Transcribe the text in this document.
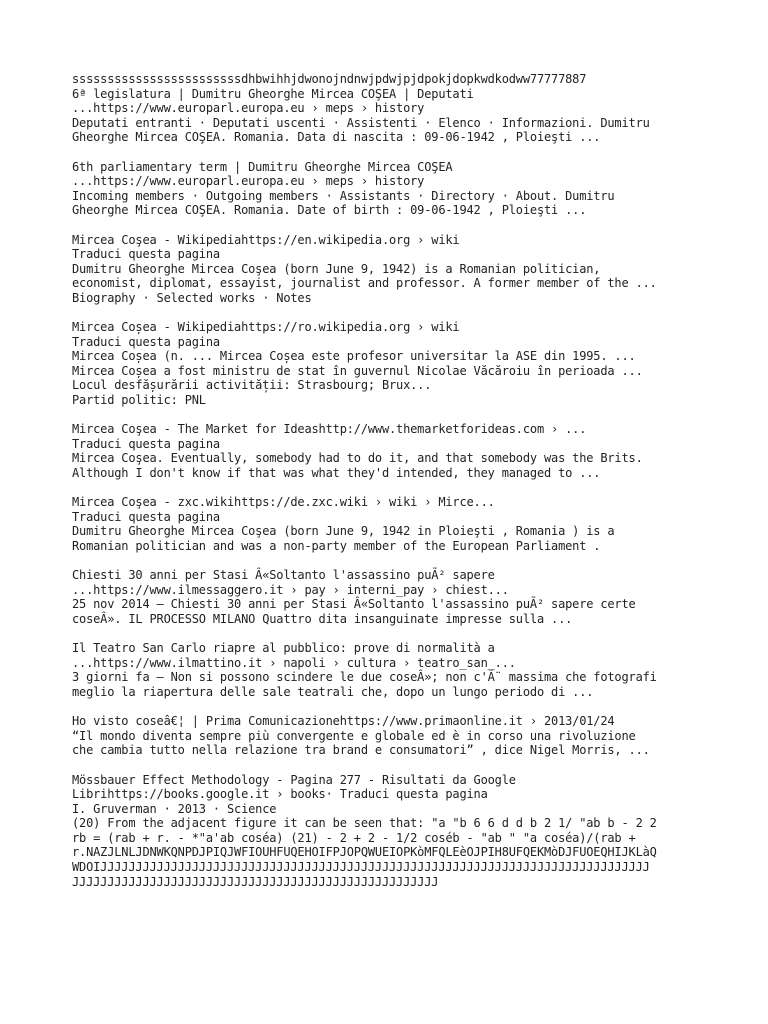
ssssssssssssssssssssssssdhbwihhjdwonojndnwjpdwjpjdpokjdopkwdkodww77777887
6ª legislatura | Dumitru Gheorghe Mircea COŞEA | Deputati
...https://www.europarl.europa.eu › meps › history
Deputati entranti · Deputati uscenti · Assistenti · Elenco · Informazioni. Dumitru
Gheorghe Mircea COŞEA. Romania. Data di nascita : 09-06-1942 , Ploieşti ...
6th parliamentary term | Dumitru Gheorghe Mircea COŞEA
...https://www.europarl.europa.eu › meps › history
Incoming members · Outgoing members · Assistants · Directory · About. Dumitru
Gheorghe Mircea COŞEA. Romania. Date of birth : 09-06-1942 , Ploieşti ...
Mircea Coşea - Wikipediahttps://en.wikipedia.org › wiki
Traduci questa pagina
Dumitru Gheorghe Mircea Coşea (born June 9, 1942) is a Romanian politician,
economist, diplomat, essayist, journalist and professor. A former member of the ...
Biography · Selected works · Notes
Mircea Coșea - Wikipediahttps://ro.wikipedia.org › wiki
Traduci questa pagina
Mircea Coșea (n. ... Mircea Coșea este profesor universitar la ASE din 1995. ...
Mircea Coșea a fost ministru de stat în guvernul Nicolae Văcăroiu în perioada ...
Locul desfășurării activității: Strasbourg; Brux...
Partid politic: PNL
Mircea Coşea - The Market for Ideashttp://www.themarketforideas.com › ...
Traduci questa pagina
Mircea Coşea. Eventually, somebody had to do it, and that somebody was the Brits.
Although I don't know if that was what they'd intended, they managed to ...
Mircea Coşea - zxc.wikihttps://de.zxc.wiki › wiki › Mirce...
Traduci questa pagina
Dumitru Gheorghe Mircea Coşea (born June 9, 1942 in Ploieşti , Romania ) is a
Romanian politician and was a non-party member of the European Parliament .
Chiesti 30 anni per Stasi Â«Soltanto l'assassino puÃ² sapere
...https://www.ilmessaggero.it › pay › interni_pay › chiest...
25 nov 2014 — Chiesti 30 anni per Stasi Â«Soltanto l'assassino puÃ² sapere certe
coseÂ». IL PROCESSO MILANO Quattro dita insanguinate impresse sulla ...
Il Teatro San Carlo riapre al pubblico: prove di normalità a
...https://www.ilmattino.it › napoli › cultura › teatro_san_...
3 giorni fa — Non si possono scindere le due coseÂ»; non c'Ã¨ massima che fotografi
meglio la riapertura delle sale teatrali che, dopo un lungo periodo di ...
Ho visto coseâ€¦ | Prima Comunicazionehttps://www.primaonline.it › 2013/01/24
“Il mondo diventa sempre più convergente e globale ed è in corso una rivoluzione
che cambia tutto nella relazione tra brand e consumatori” , dice Nigel Morris, ...
Mössbauer Effect Methodology - Pagina 277 - Risultati da Google
Librihttps://books.google.it › books· Traduci questa pagina
I. Gruverman · 2013 · Science
(20) From the adjacent figure it can be seen that: "a "b 6 6 d d b 2 1/ "ab b - 2 2
rb = (rab + r. - *"a'ab coséa) (21) - 2 + 2 - 1/2 coséb - "ab " "a coséa)/(rab +
r.NAZJLNLJDNWKQNPDJPIQJWFIOUHFUQEHOIFPJOPQWUEIOPKòMFQLEèOJPIH8UFQEKMòDJFUOEQHIJKLàQ
WDOIJJJJJJJJJJJJJJJJJJJJJJJJJJJJJJJJJJJJJJJJJJJJJJJJJJJJJJJJJJJJJJJJJJJJJJJJJJJJJJ
JJJJJJJJJJJJJJJJJJJJJJJJJJJJJJJJJJJJJJJJJJJJJJJJJJJJ
